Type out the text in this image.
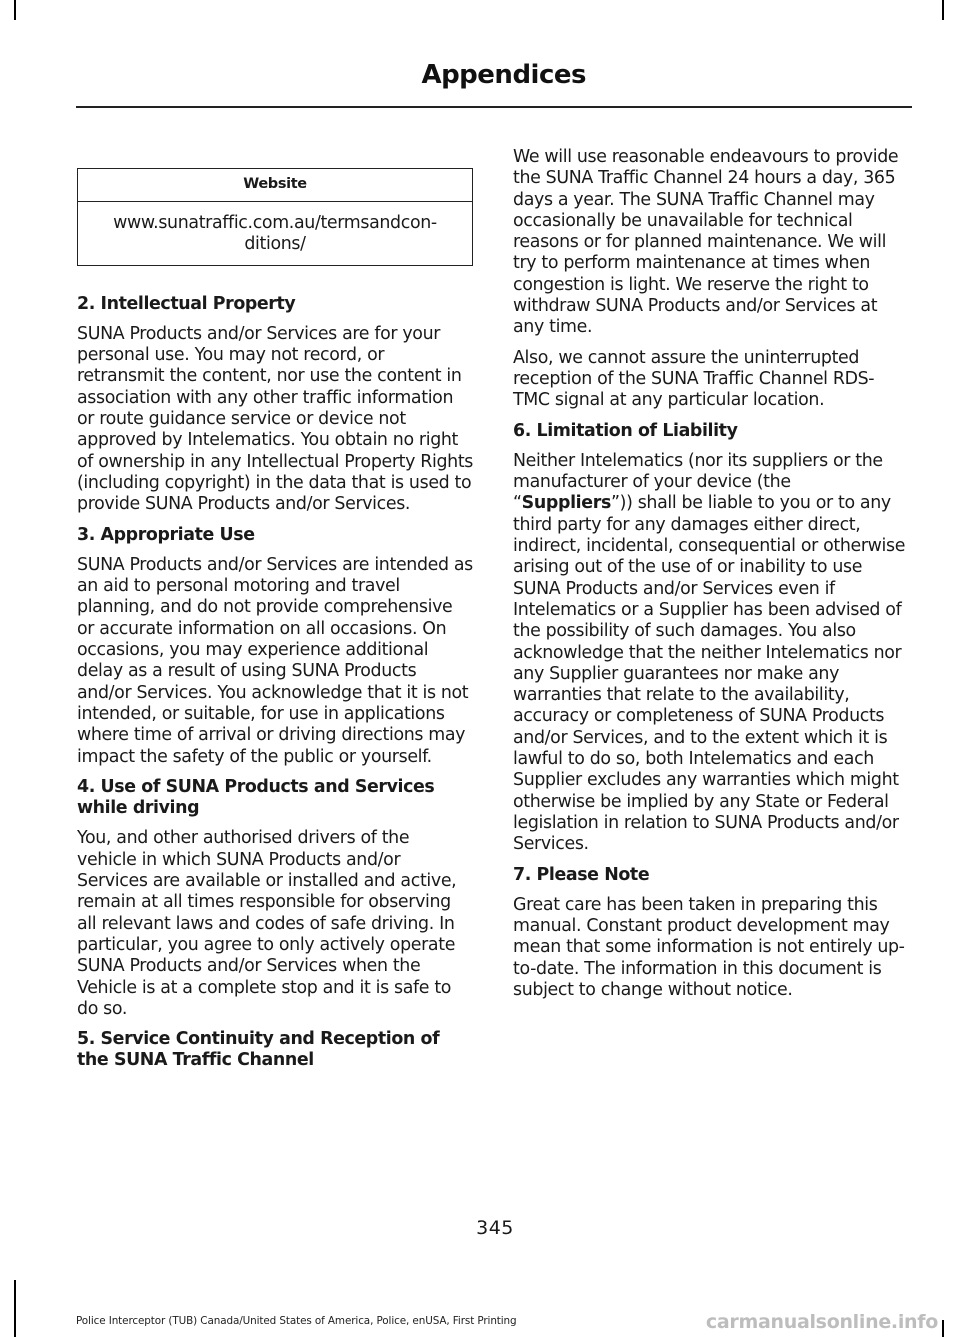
Appendices
Website
www.sunatraffic.com.au/termsandcon-ditions/
2. Intellectual Property

SUNA Products and/or Services are for your personal use. You may not record, or retransmit the content, nor use the content in association with any other traffic information or route guidance service or device not approved by Intelematics. You obtain no right of ownership in any Intellectual Property Rights (including copyright) in the data that is used to provide SUNA Products and/or Services.

3. Appropriate Use

SUNA Products and/or Services are intended as an aid to personal motoring and travel planning, and do not provide comprehensive or accurate information on all occasions. On occasions, you may experience additional delay as a result of using SUNA Products and/or Services. You acknowledge that it is not intended, or suitable, for use in applications where time of arrival or driving directions may impact the safety of the public or yourself.

4. Use of SUNA Products and Services while driving

You, and other authorised drivers of the vehicle in which SUNA Products and/or Services are available or installed and active, remain at all times responsible for observing all relevant laws and codes of safe driving. In particular, you agree to only actively operate SUNA Products and/or Services when the Vehicle is at a complete stop and it is safe to do so.

5. Service Continuity and Reception of the SUNA Traffic Channel

We will use reasonable endeavours to provide the SUNA Traffic Channel 24 hours a day, 365 days a year. The SUNA Traffic Channel may occasionally be unavailable for technical reasons or for planned maintenance. We will try to perform maintenance at times when congestion is light. We reserve the right to withdraw SUNA Products and/or Services at any time.

Also, we cannot assure the uninterrupted reception of the SUNA Traffic Channel RDS-TMC signal at any particular location.

6. Limitation of Liability

Neither Intelematics (nor its suppliers or the manufacturer of your device (the “Suppliers”)) shall be liable to you or to any third party for any damages either direct, indirect, incidental, consequential or otherwise arising out of the use of or inability to use SUNA Products and/or Services even if Intelematics or a Supplier has been advised of the possibility of such damages. You also acknowledge that the neither Intelematics nor any Supplier guarantees nor make any warranties that relate to the availability, accuracy or completeness of SUNA Products and/or Services, and to the extent which it is lawful to do so, both Intelematics and each Supplier excludes any warranties which might otherwise be implied by any State or Federal legislation in relation to SUNA Products and/or Services.

7. Please Note

Great care has been taken in preparing this manual. Constant product development may mean that some information is not entirely up-to-date. The information in this document is subject to change without notice.

345
Police Interceptor (TUB) Canada/United States of America, Police, enUSA, First Printing	carmanualsonline.info
